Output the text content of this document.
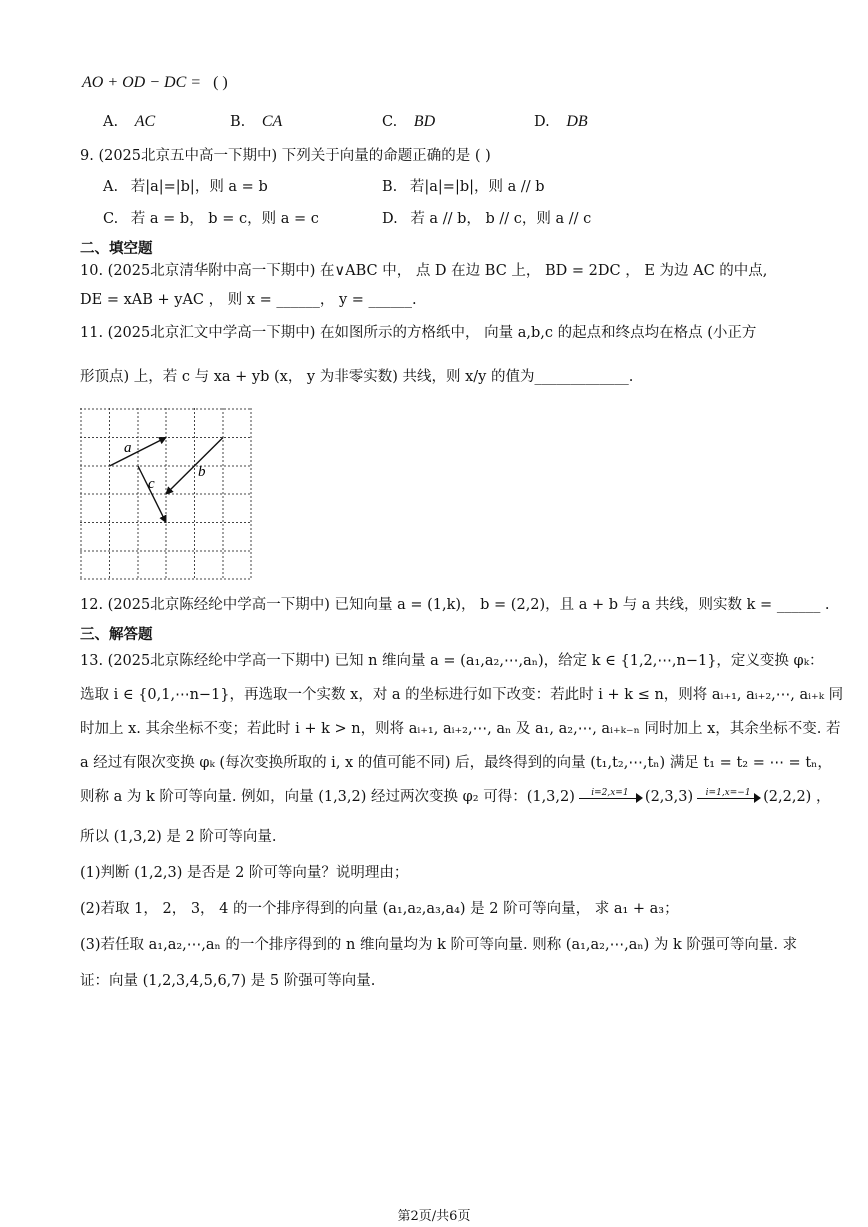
AO + OD − DC = ( )
A. AC	B. CA	C. BD	D. DB
9. (2025北京五中高一下期中) 下列关于向量的命题正确的是 ( )
A. 若|a|=|b|，则 a = b	B. 若|a|=|b|，则 a // b
C. 若 a = b， b = c，则 a = c	D. 若 a // b， b // c，则 a // c
二、填空题
10. (2025北京清华附中高一下期中) 在∨ABC 中， 点 D 在边 BC 上， BD = 2DC ， E 为边 AC 的中点,
DE = xAB + yAC ， 则 x = ______， y = ______.
11. (2025北京汇文中学高一下期中) 在如图所示的方格纸中， 向量 a,b,c 的起点和终点均在格点 (小正方
形顶点) 上，若 c 与 xa + yb (x， y 为非零实数) 共线，则 x/y 的值为_____________.
a
b
c
12. (2025北京陈经纶中学高一下期中) 已知向量 a = (1,k)， b = (2,2)，且 a + b 与 a 共线，则实数 k = ______ .
三、解答题
13. (2025北京陈经纶中学高一下期中) 已知 n 维向量 a = (a₁,a₂,⋯,aₙ)，给定 k ∈ {1,2,⋯,n−1}，定义变换 φₖ：
选取 i ∈ {0,1,⋯n−1}，再选取一个实数 x，对 a 的坐标进行如下改变：若此时 i + k ≤ n，则将 aᵢ₊₁, aᵢ₊₂,⋯, aᵢ₊ₖ 同
时加上 x. 其余坐标不变；若此时 i + k > n，则将 aᵢ₊₁, aᵢ₊₂,⋯, aₙ 及 a₁, a₂,⋯, aᵢ₊ₖ₋ₙ 同时加上 x，其余坐标不变. 若
a 经过有限次变换 φₖ (每次变换所取的 i, x 的值可能不同) 后，最终得到的向量 (t₁,t₂,⋯,tₙ) 满足 t₁ = t₂ = ⋯ = tₙ，
则称 a 为 k 阶可等向量. 例如，向量 (1,3,2) 经过两次变换 φ₂ 可得：(1,3,2)	i=2,x=1	(2,3,3)	i=1,x=−1 (2,2,2) ，
所以 (1,3,2) 是 2 阶可等向量.
(1)判断 (1,2,3) 是否是 2 阶可等向量？说明理由；
(2)若取 1， 2， 3， 4 的一个排序得到的向量 (a₁,a₂,a₃,a₄) 是 2 阶可等向量， 求 a₁ + a₃；
(3)若任取 a₁,a₂,⋯,aₙ 的一个排序得到的 n 维向量均为 k 阶可等向量. 则称 (a₁,a₂,⋯,aₙ) 为 k 阶强可等向量. 求
证：向量 (1,2,3,4,5,6,7) 是 5 阶强可等向量.
第2页/共6页
